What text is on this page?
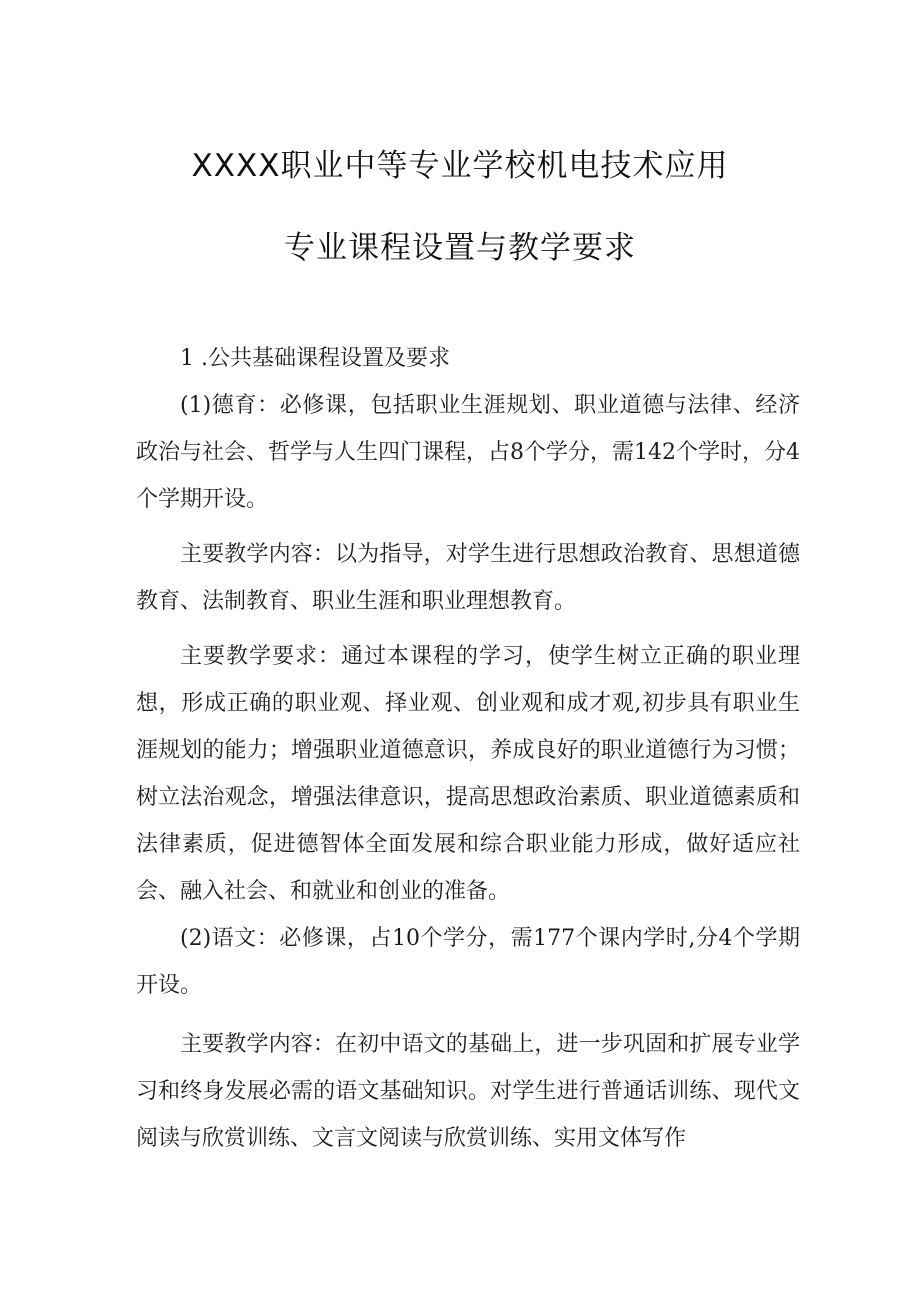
XXXX职业中等专业学校机电技术应用
专业课程设置与教学要求

1 .公共基础课程设置及要求

(1)德育：必修课，包括职业生涯规划、职业道德与法律、经济政治与社会、哲学与人生四门课程，占8个学分，需142个学时，分4个学期开设。

主要教学内容：以为指导，对学生进行思想政治教育、思想道德教育、法制教育、职业生涯和职业理想教育。

主要教学要求：通过本课程的学习，使学生树立正确的职业理想，形成正确的职业观、择业观、创业观和成才观,初步具有职业生涯规划的能力；增强职业道德意识，养成良好的职业道德行为习惯；树立法治观念，增强法律意识，提高思想政治素质、职业道德素质和法律素质，促进德智体全面发展和综合职业能力形成，做好适应社会、融入社会、和就业和创业的准备。

(2)语文：必修课，占10个学分，需177个课内学时,分4个学期开设。

主要教学内容：在初中语文的基础上，进一步巩固和扩展专业学习和终身发展必需的语文基础知识。对学生进行普通话训练、现代文阅读与欣赏训练、文言文阅读与欣赏训练、实用文体写作
